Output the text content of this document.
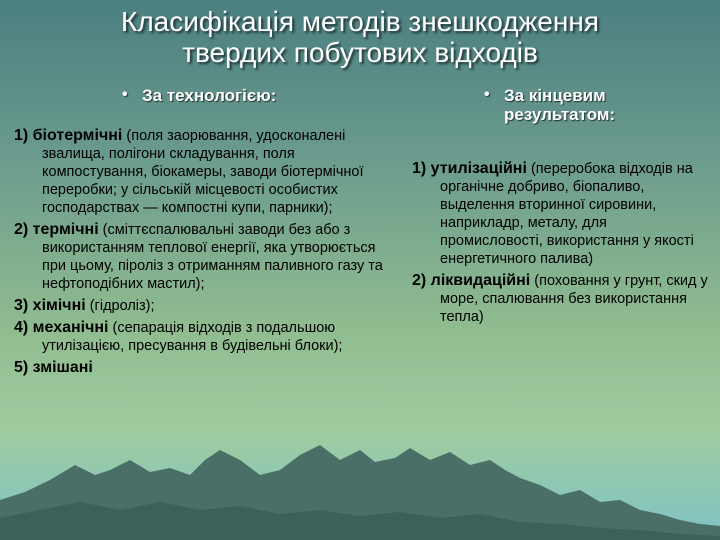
Класифікація методів знешкодження
твердих побутових відходів
• За технологією:
1) біотермічні (поля заорювання, удосконалені звалища, полігони складування, поля компостування, біокамеры, заводи біотермічної переробки; у сільській місцевості особистих господарствах — компостні купи, парники);
2) термічні (сміттєспалювальні заводи без або з використанням теплової енергії, яка утворюється при цьому, піроліз з отриманням паливного газу та нефтоподібних мастил);
3) хімічні (гідроліз);
4) механічні (сепарація відходів з подальшою утилізацією, пресування в будівельні блоки);
5) змішані
• За кінцевим результатом:
1) утилізаційні (переробока відходів на органічне добриво, біопаливо, выделення вторинної сировини, наприкладр, металу, для промисловості, використання у якості енергетичного палива)
2) ліквидаційні (поховання у грунт, скид у море, спалювання без використання тепла)
